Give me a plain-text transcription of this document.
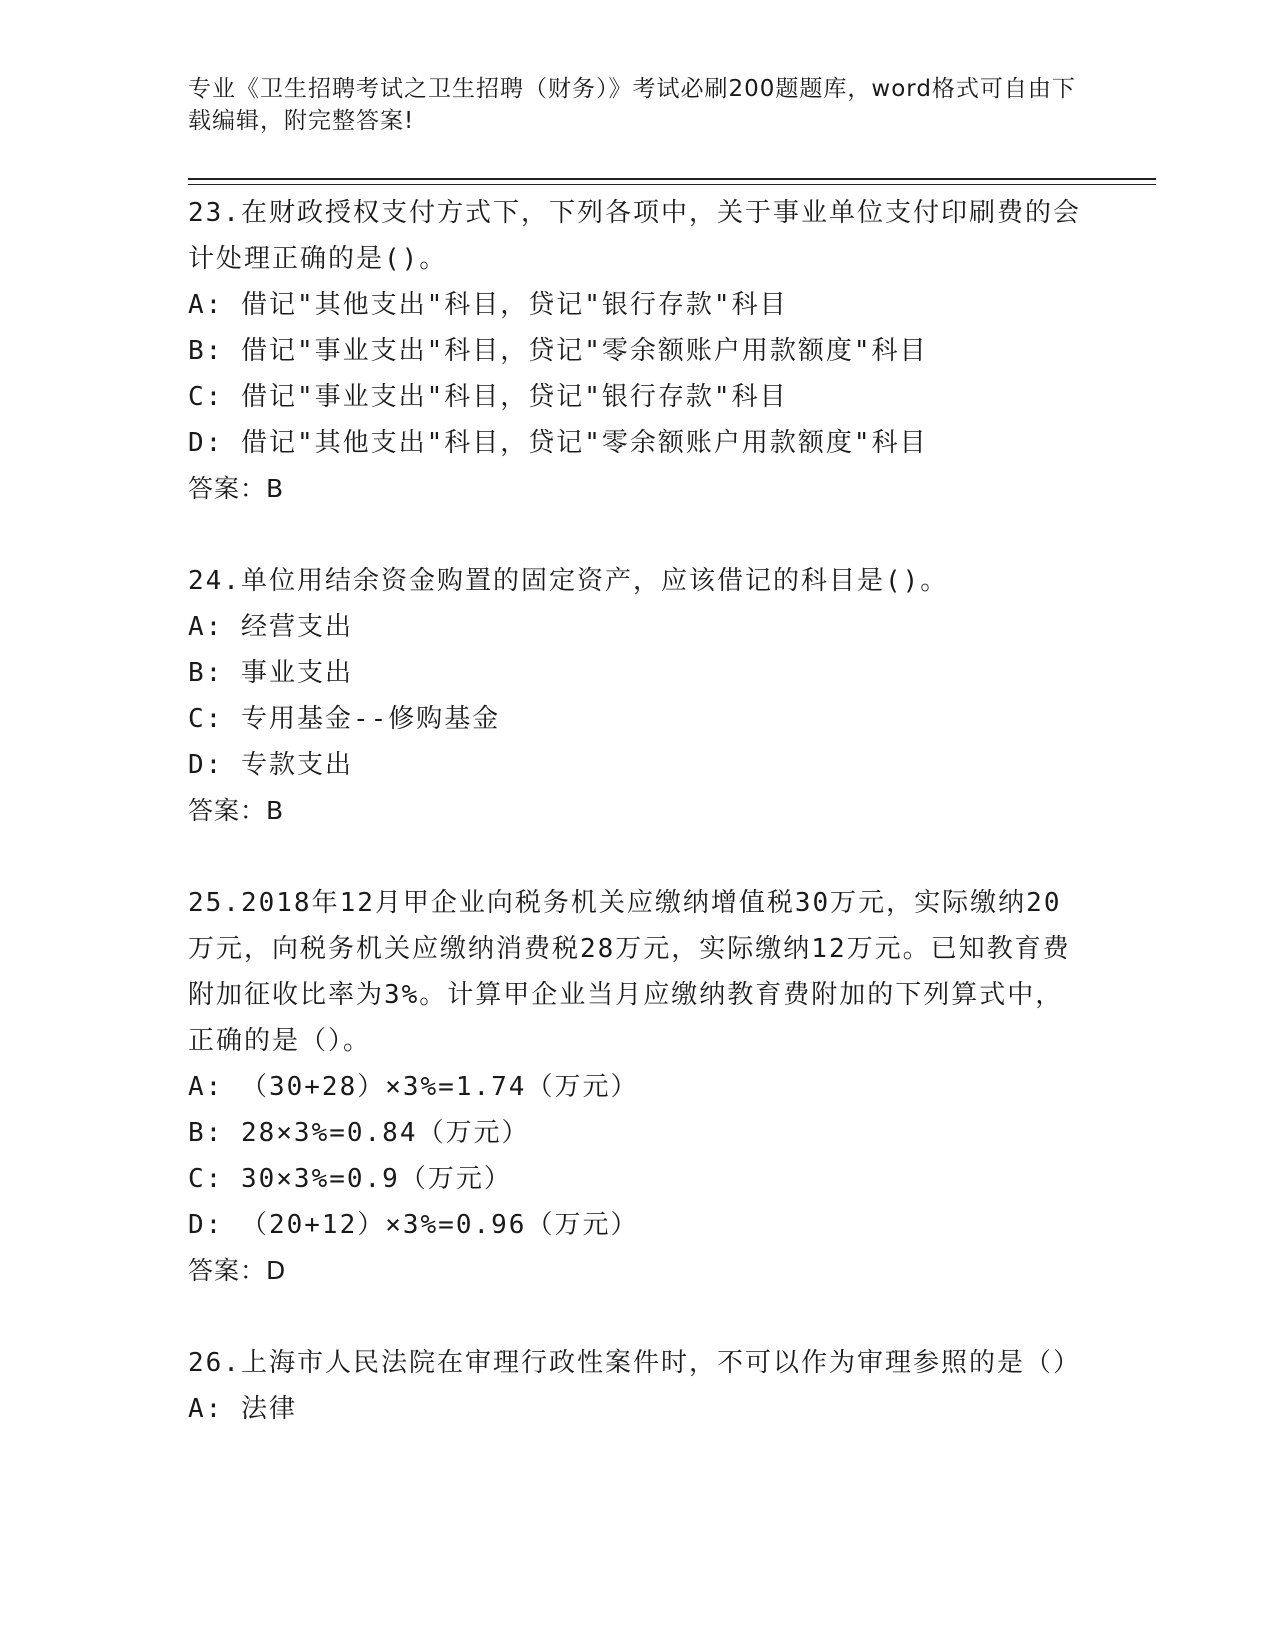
专业《卫生招聘考试之卫生招聘（财务）》考试必刷200题题库，word格式可自由下载编辑，附完整答案!

23.在财政授权支付方式下，下列各项中，关于事业单位支付印刷费的会计处理正确的是()。

A: 借记"其他支出"科目，贷记"银行存款"科目

B: 借记"事业支出"科目，贷记"零余额账户用款额度"科目

C: 借记"事业支出"科目，贷记"银行存款"科目

D: 借记"其他支出"科目，贷记"零余额账户用款额度"科目

答案：B

24.单位用结余资金购置的固定资产，应该借记的科目是()。

A: 经营支出

B: 事业支出

C: 专用基金--修购基金

D: 专款支出

答案：B

25.2018年12月甲企业向税务机关应缴纳增值税30万元，实际缴纳20万元，向税务机关应缴纳消费税28万元，实际缴纳12万元。已知教育费附加征收比率为3%。计算甲企业当月应缴纳教育费附加的下列算式中，正确的是（）。

A: （30+28）×3%=1.74（万元）

B: 28×3%=0.84（万元）

C: 30×3%=0.9（万元）

D: （20+12）×3%=0.96（万元）

答案：D

26.上海市人民法院在审理行政性案件时，不可以作为审理参照的是（）

A: 法律
